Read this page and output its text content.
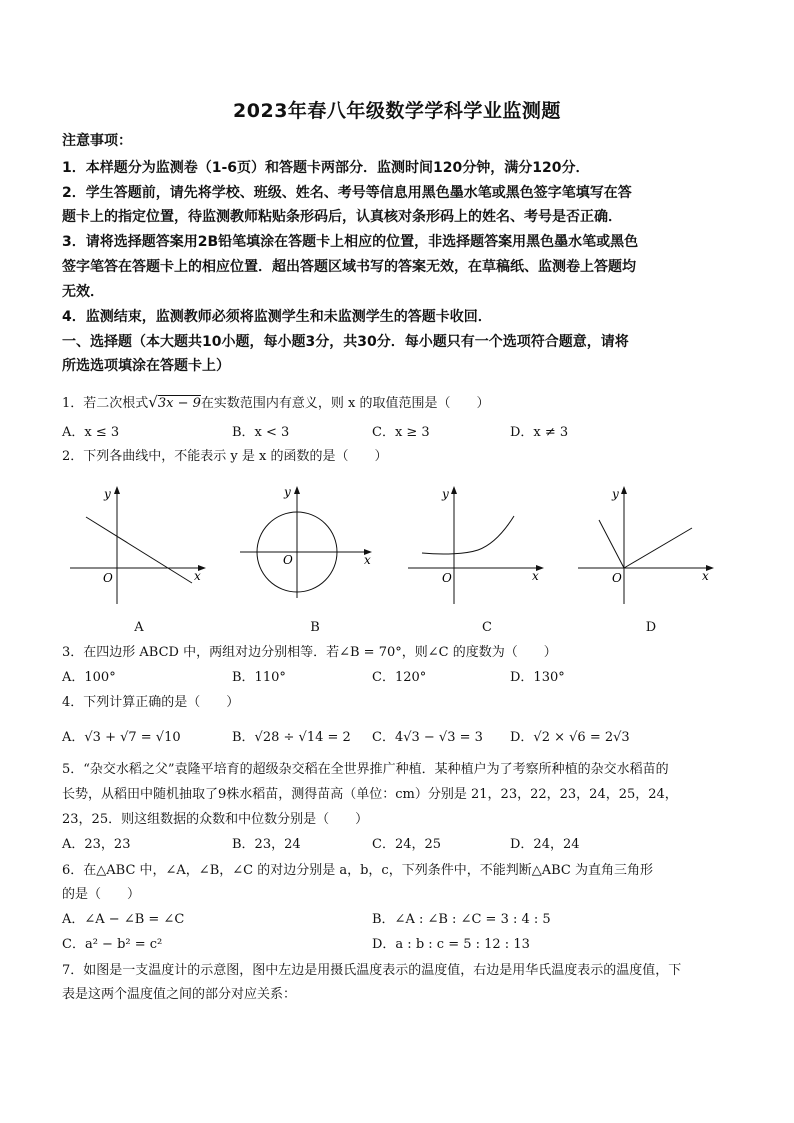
2023年春八年级数学学科学业监测题
注意事项：
1．本样题分为监测卷（1-6页）和答题卡两部分．监测时间120分钟，满分120分．
2．学生答题前，请先将学校、班级、姓名、考号等信息用黑色墨水笔或黑色签字笔填写在答
题卡上的指定位置，待监测教师粘贴条形码后，认真核对条形码上的姓名、考号是否正确．
3．请将选择题答案用2B铅笔填涂在答题卡上相应的位置，非选择题答案用黑色墨水笔或黑色
签字笔答在答题卡上的相应位置．超出答题区域书写的答案无效，在草稿纸、监测卷上答题均
无效．
4．监测结束，监测教师必须将监测学生和未监测学生的答题卡收回．
一、选择题（本大题共10小题，每小题3分，共30分．每小题只有一个选项符合题意，请将
所选选项填涂在答题卡上）
1．若二次根式√3x − 9在实数范围内有意义，则 x 的取值范围是（　　）
A．x ≤ 3	B．x < 3	C．x ≥ 3	D．x ≠ 3
2．下列各曲线中，不能表示 y 是 x 的函数的是（　　）
y
x
O
y
x
O
y
x
O
y
x
O
A	B	C	D
3．在四边形 ABCD 中，两组对边分别相等．若∠B = 70°，则∠C 的度数为（　　）
A．100°	B．110°	C．120°	D．130°
4．下列计算正确的是（　　）
A．√3 + √7 = √10	B．√28 ÷ √14 = 2 C．4√3 − √3 = 3 D．√2 × √6 = 2√3
5．“杂交水稻之父”袁隆平培育的超级杂交稻在全世界推广种植．某种植户为了考察所种植的杂交水稻苗的
长势，从稻田中随机抽取了9株水稻苗，测得苗高（单位：cm）分别是 21，23，22，23，24，25，24，
23，25．则这组数据的众数和中位数分别是（　　）
A．23，23	B．23，24	C．24，25	D．24，24
6．在△ABC 中，∠A，∠B，∠C 的对边分别是 a，b，c，下列条件中，不能判断△ABC 为直角三角形
的是（　　）
A．∠A − ∠B = ∠C	B．∠A : ∠B : ∠C = 3 : 4 : 5
C．a² − b² = c²	D．a : b : c = 5 : 12 : 13
7．如图是一支温度计的示意图，图中左边是用摄氏温度表示的温度值，右边是用华氏温度表示的温度值，下
表是这两个温度值之间的部分对应关系：
